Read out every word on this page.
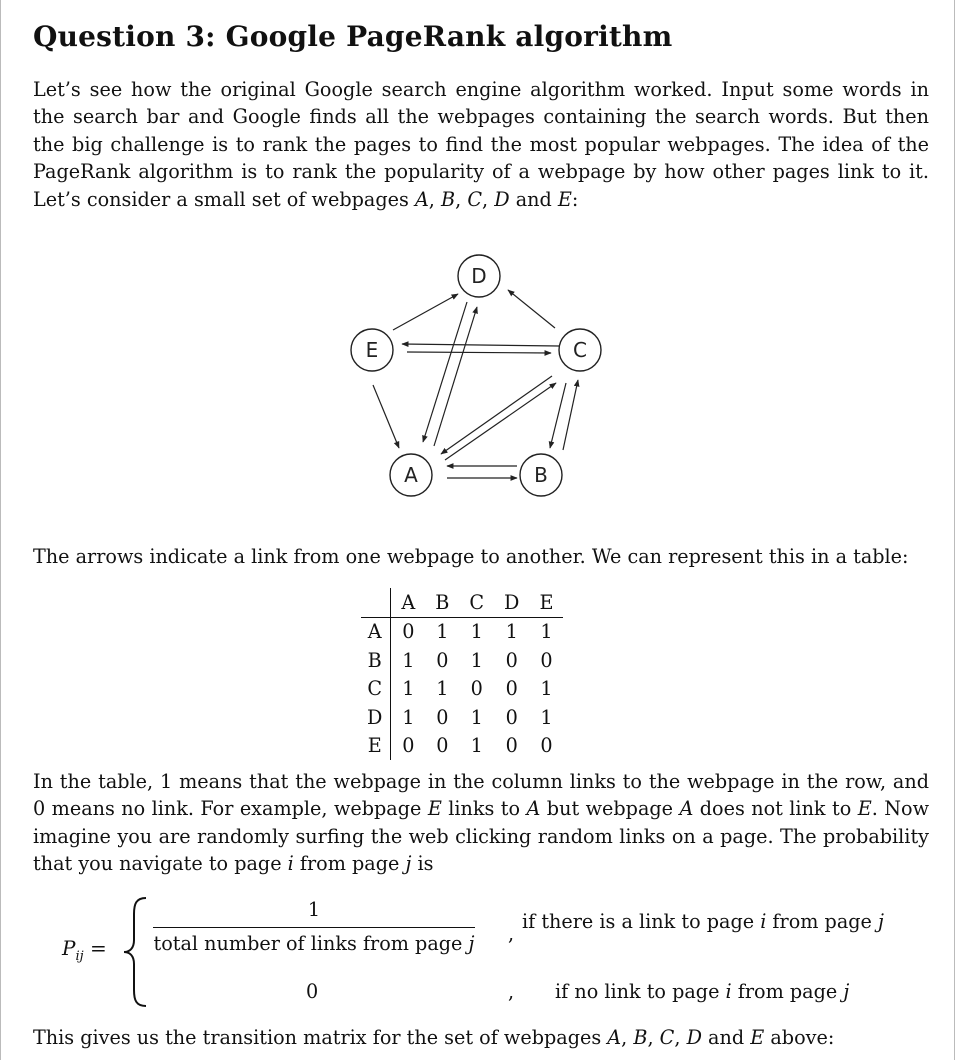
Question 3: Google PageRank algorithm

Let’s see how the original Google search engine algorithm worked. Input some words in the search bar and Google finds all the webpages containing the search words. But then the big challenge is to rank the pages to find the most popular webpages. The idea of the PageRank algorithm is to rank the popularity of a webpage by how other pages link to it. Let’s consider a small set of webpages A, B, C, D and E:

D
E	C
A	B

The arrows indicate a link from one webpage to another. We can represent this in a table:

	A	B	C	D	E
A	0	1	1	1	1
B	1	0	1	0	0
C	1	1	0	0	1
D	1	0	1	0	1
E	0	0	1	0	0

In the table, 1 means that the webpage in the column links to the webpage in the row, and 0 means no link. For example, webpage E links to A but webpage A does not link to E. Now imagine you are randomly surfing the web clicking random links on a page. The probability that you navigate to page i from page j is

$P_{ij}$ =
1
total number of links from page j ,
if there is a link to page i from page j
0	, if no link to page i from page j

This gives us the transition matrix for the set of webpages A, B, C, D and E above:
